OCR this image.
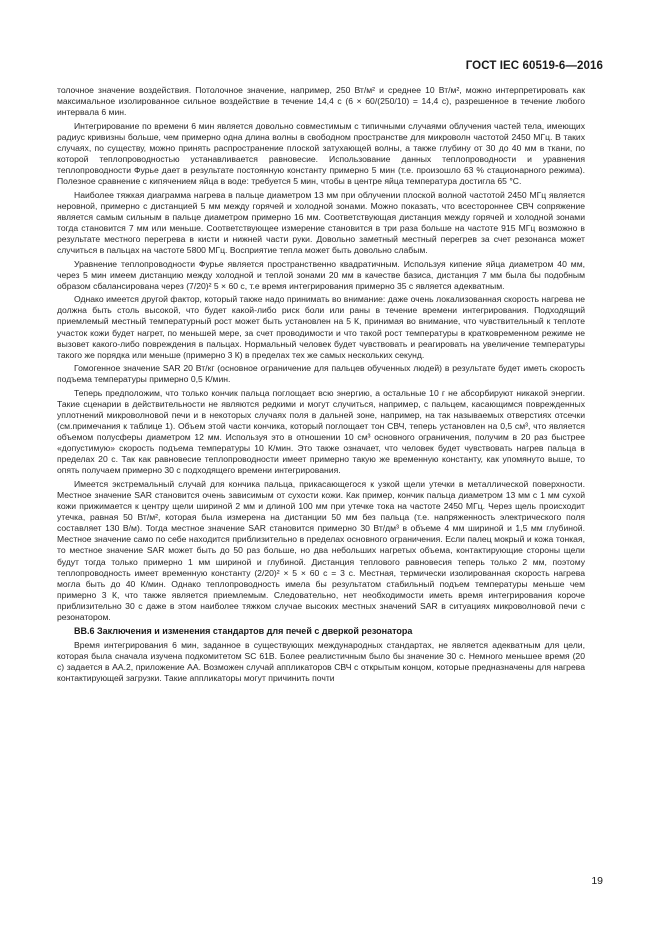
ГОСТ IEC 60519-6—2016

толочное значение воздействия. Потолочное значение, например, 250 Вт/м² и среднее 10 Вт/м², можно интерпретировать как максимальное изолированное сильное воздействие в течение 14,4 с (6 × 60/(250/10) = 14,4 с), разрешенное в течение любого интервала 6 мин.

Интегрирование по времени 6 мин является довольно совместимым с типичными случаями облучения частей тела, имеющих радиус кривизны больше, чем примерно одна длина волны в свободном пространстве для микроволн частотой 2450 МГц. В таких случаях, по существу, можно принять распространение плоской затухающей волны, а также глубину от 30 до 40 мм в ткани, по которой теплопроводностью устанавливается равновесие. Использование данных теплопроводности и уравнения теплопроводности Фурье дает в результате постоянную константу примерно 5 мин (т.е. произошло 63 % стационарного режима). Полезное сравнение с кипячением яйца в воде: требуется 5 мин, чтобы в центре яйца температура достигла 65 °С.

Наиболее тяжкая диаграмма нагрева в пальце диаметром 13 мм при облучении плоской волной частотой 2450 МГц является неровной, примерно с дистанцией 5 мм между горячей и холодной зонами. Можно показать, что всестороннее СВЧ сопряжение является самым сильным в пальце диаметром примерно 16 мм. Соответствующая дистанция между горячей и холодной зонами тогда становится 7 мм или меньше. Соответствующее измерение становится в три раза больше на частоте 915 МГц возможно в результате местного перегрева в кисти и нижней части руки. Довольно заметный местный перегрев за счет резонанса может случиться в пальцах на частоте 5800 МГц. Восприятие тепла может быть довольно слабым.

Уравнение теплопроводности Фурье является пространственно квадратичным. Используя кипение яйца диаметром 40 мм, через 5 мин имеем дистанцию между холодной и теплой зонами 20 мм в качестве базиса, дистанция 7 мм была бы подобным образом сбалансирована через (7/20)² 5 × 60 с, т.е время интегрирования примерно 35 с является адекватным.

Однако имеется другой фактор, который также надо принимать во внимание: даже очень локализованная скорость нагрева не должна быть столь высокой, что будет какой-либо риск боли или раны в течение времени интегрирования. Подходящий приемлемый местный температурный рост может быть установлен на 5 К, принимая во внимание, что чувствительный к теплоте участок кожи будет нагрет, по меньшей мере, за счет проводимости и что такой рост температуры в кратковременном режиме не вызовет какого-либо повреждения в пальцах. Нормальный человек будет чувствовать и реагировать на увеличение температуры такого же порядка или меньше (примерно 3 К) в пределах тех же самых нескольких секунд.

Гомогенное значение SAR 20 Вт/кг (основное ограничение для пальцев обученных людей) в результате будет иметь скорость подъема температуры примерно 0,5 К/мин.

Теперь предположим, что только кончик пальца поглощает всю энергию, а остальные 10 г не абсорбируют никакой энергии. Такие сценарии в действительности не являются редкими и могут случиться, например, с пальцем, касающимся поврежденных уплотнений микроволновой печи и в некоторых случаях поля в дальней зоне, например, на так называемых отверстиях отсечки (см.примечания к таблице 1). Объем этой части кончика, который поглощает тон СВЧ, теперь установлен на 0,5 см³, что является объемом полусферы диаметром 12 мм. Используя это в отношении 10 см³ основного ограничения, получим в 20 раз быстрее «допустимую» скорость подъема температуры 10 К/мин. Это также означает, что человек будет чувствовать нагрев пальца в пределах 20 с. Так как равновесие теплопроводности имеет примерно такую же временную константу, как упомянуто выше, то опять получаем примерно 30 с подходящего времени интегрирования.

Имеется экстремальный случай для кончика пальца, прикасающегося к узкой щели утечки в металлической поверхности. Местное значение SAR становится очень зависимым от сухости кожи. Как пример, кончик пальца диаметром 13 мм с 1 мм сухой кожи прижимается к центру щели шириной 2 мм и длиной 100 мм при утечке тока на частоте 2450 МГц. Через щель происходит утечка, равная 50 Вт/м², которая была измерена на дистанции 50 мм без пальца (т.е. напряженность электрического поля составляет 130 В/м). Тогда местное значение SAR становится примерно 30 Вт/дм³ в объеме 4 мм шириной и 1,5 мм глубиной. Местное значение само по себе находится приблизительно в пределах основного ограничения. Если палец мокрый и кожа тонкая, то местное значение SAR может быть до 50 раз больше, но два небольших нагретых объема, контактирующие стороны щели будут тогда только примерно 1 мм шириной и глубиной. Дистанция теплового равновесия теперь только 2 мм, поэтому теплопроводность имеет временную константу (2/20)² × 5 × 60 с = 3 с. Местная, термически изолированная скорость нагрева могла быть до 40 К/мин. Однако теплопроводность имела бы результатом стабильный подъем температуры меньше чем примерно 3 К, что также является приемлемым. Следовательно, нет необходимости иметь время интегрирования короче приблизительно 30 с даже в этом наиболее тяжком случае высоких местных значений SAR в ситуациях микроволновой печи с резонатором.

ВВ.6 Заключения и изменения стандартов для печей с дверкой резонатора

Время интегрирования 6 мин, заданное в существующих международных стандартах, не является адекватным для цели, которая была сначала изучена подкомитетом SC 61B. Более реалистичным было бы значение 30 с. Немного меньшее время (20 с) задается в АА.2, приложение АА. Возможен случай аппликаторов СВЧ с открытым концом, которые предназначены для нагрева контактирующей загрузки. Такие аппликаторы могут причинить почти

19
